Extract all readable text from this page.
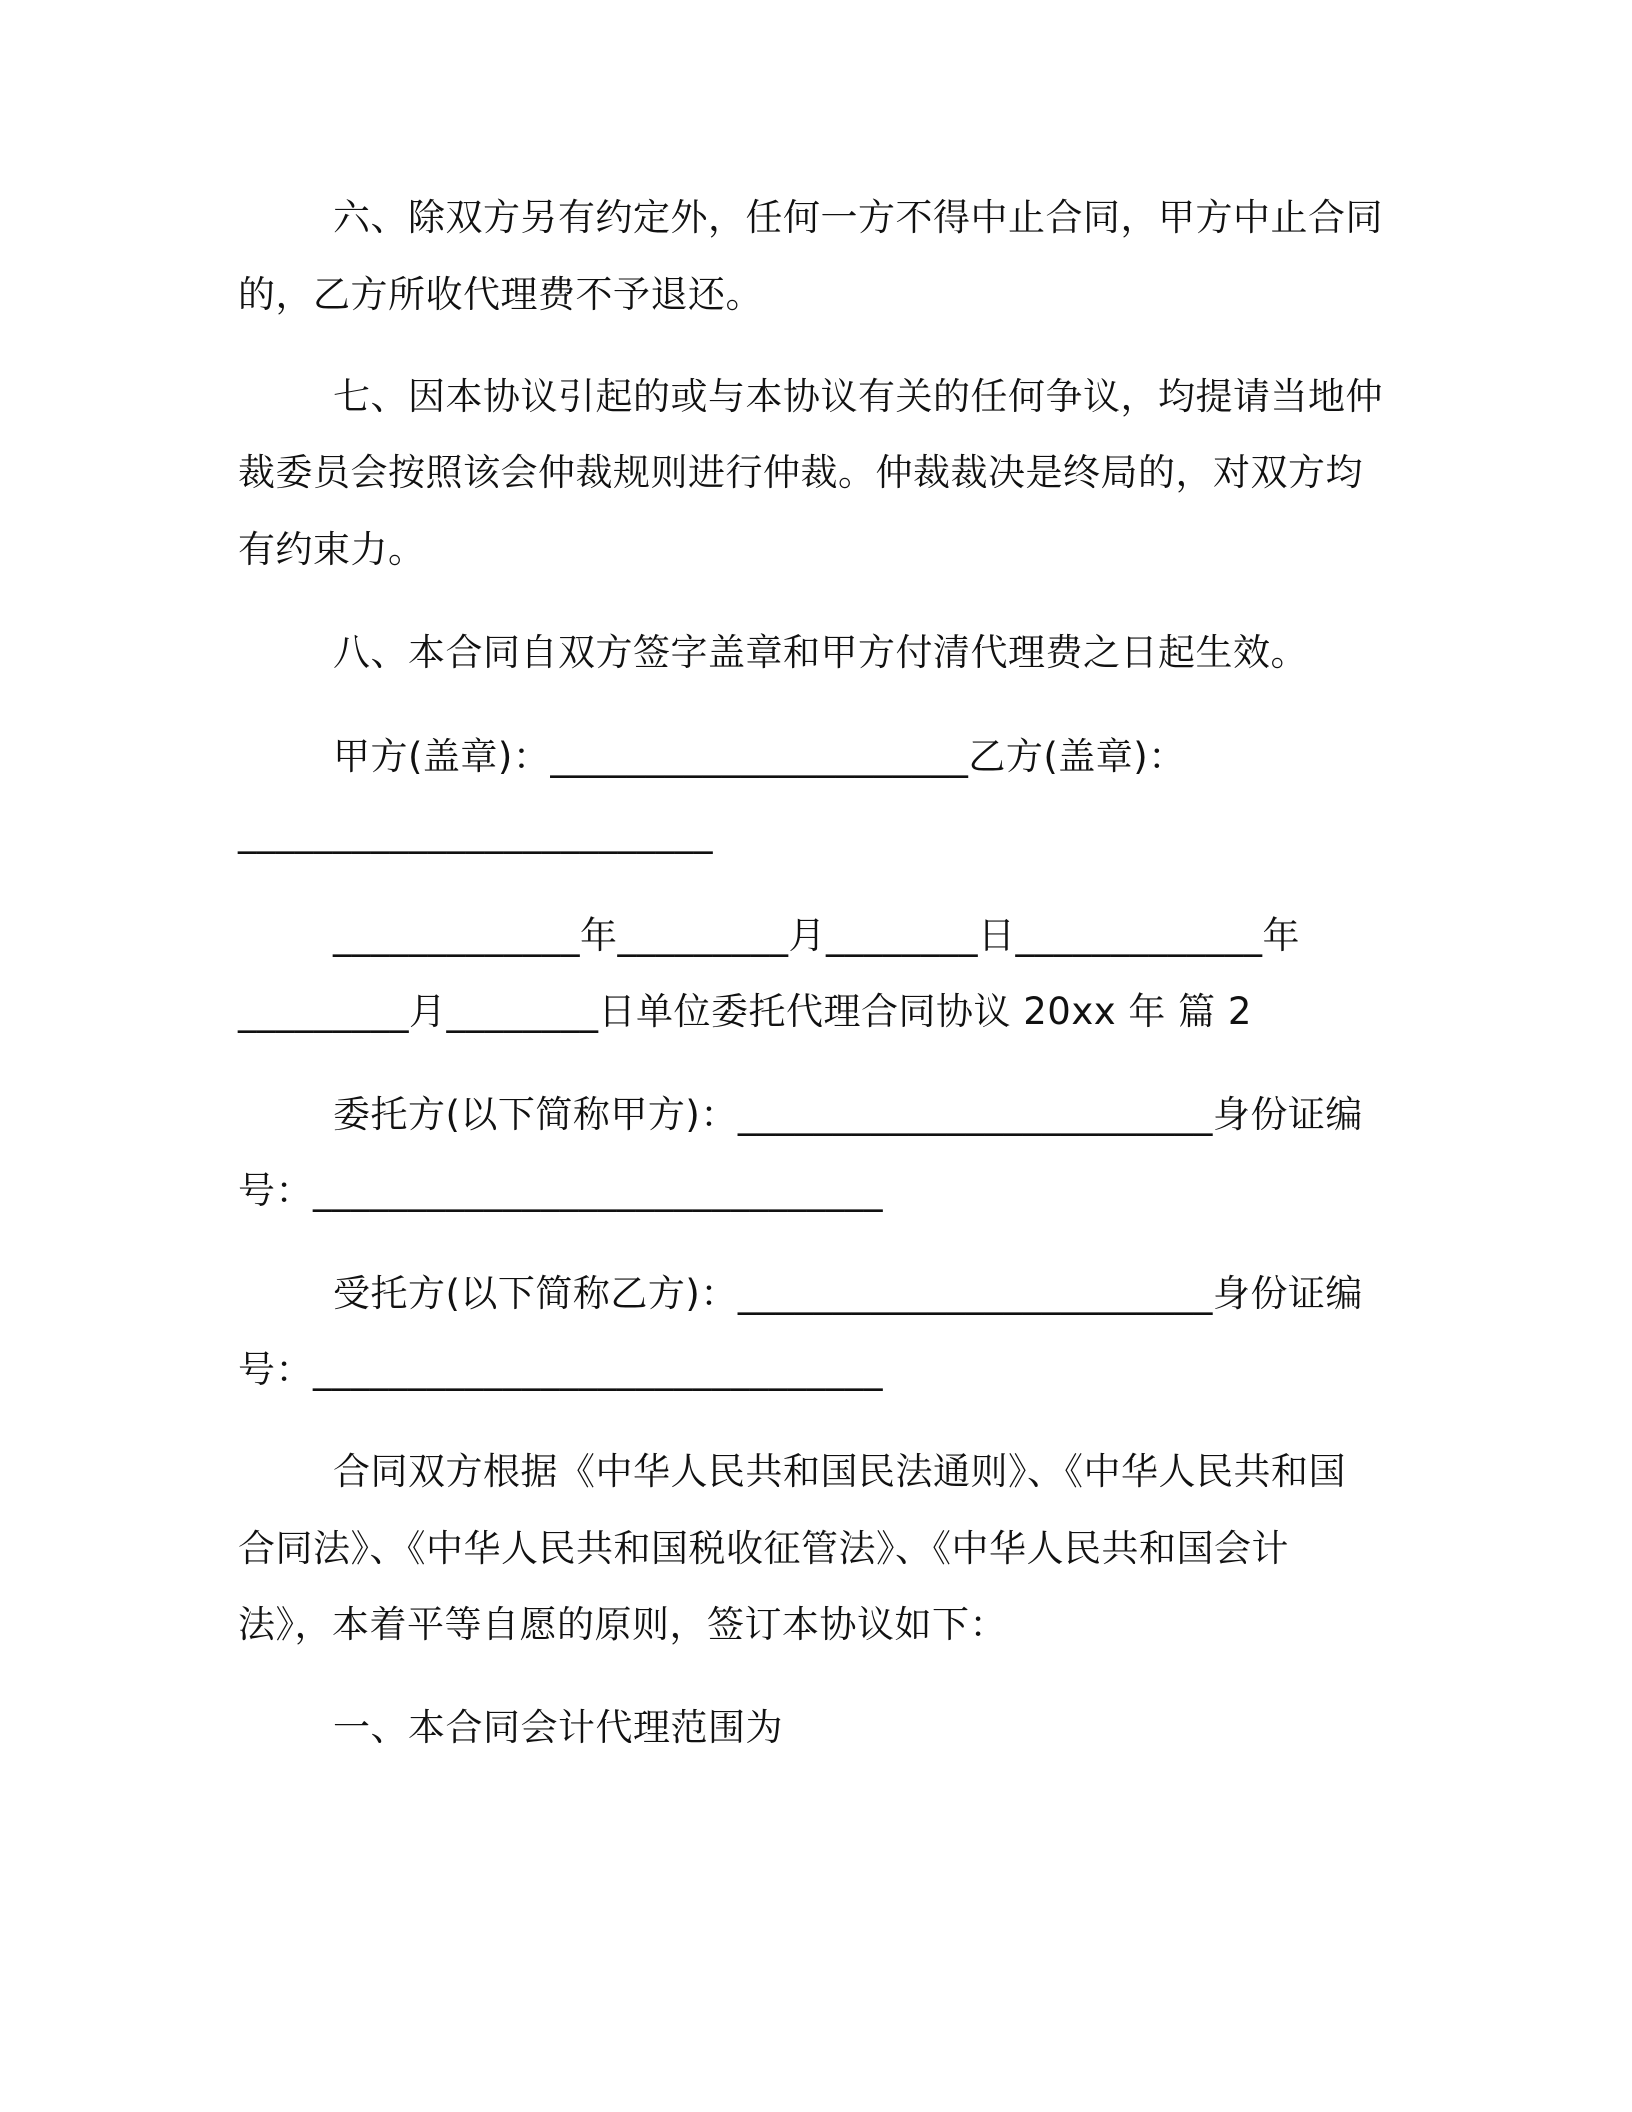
六、除双方另有约定外，任何一方不得中止合同，甲方中止合同
的，乙方所收代理费不予退还。
七、因本协议引起的或与本协议有关的任何争议，均提请当地仲
裁委员会按照该会仲裁规则进行仲裁。仲裁裁决是终局的，对双方均
有约束力。
八、本合同自双方签字盖章和甲方付清代理费之日起生效。
甲方(盖章)：______________________乙方(盖章)：
_________________________
_____________年_________月________日_____________年
_________月________日单位委托代理合同协议 20xx 年 篇 2
委托方(以下简称甲方)：_________________________身份证编
号：______________________________
受托方(以下简称乙方)：_________________________身份证编
号：______________________________
合同双方根据《中华人民共和国民法通则》、《中华人民共和国
合同法》、《中华人民共和国税收征管法》、《中华人民共和国会计
法》，本着平等自愿的原则，签订本协议如下：
一、本合同会计代理范围为
